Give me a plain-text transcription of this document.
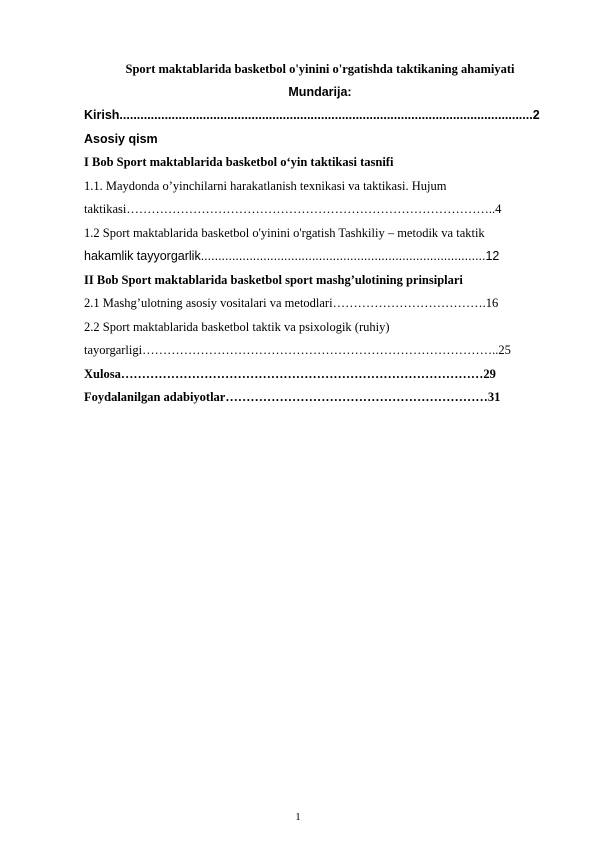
Sport maktablarida basketbol o'yinini o'rgatishda taktikaning ahamiyati
Mundarija:
Kirish.......................................................................................................................2
Asosiy qism
I Bob Sport maktablarida basketbol o‘yin taktikasi tasnifi
1.1. Maydonda o’yinchilarni harakatlanish texnikasi va taktikasi. Hujum
taktikasi……………………………………………………………………………..4
1.2 Sport maktablarida basketbol o'yinini o'rgatish Tashkiliy – metodik va taktik
hakamlik tayyorgarlik..................................................................................12
II Bob Sport maktablarida basketbol sport mashg’ulotining prinsiplari
2.1 Mashg’ulotning asosiy vositalari va metodlari……………………………….16
2.2 Sport maktablarida basketbol taktik va psixologik (ruhiy)
tayorgarligi…………………………………………………………………………..25
Xulosa……………………………………………………………………………29
Foydalanilgan adabiyotlar………………………………………………………31
1
